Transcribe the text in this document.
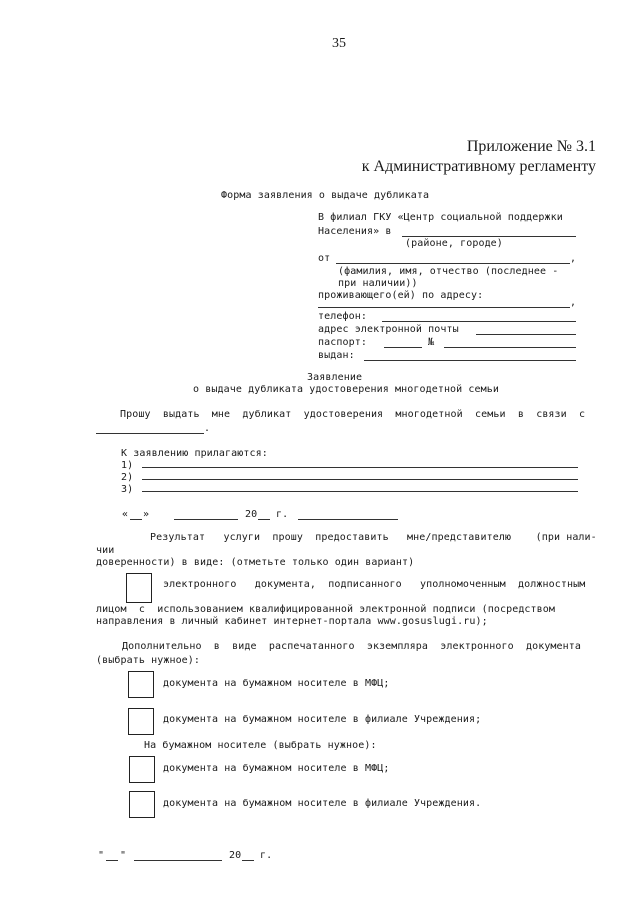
35
Приложение № 3.1
к Административному регламенту
Форма заявления о выдаче дубликата
В филиал ГКУ «Центр социальной поддержки
Населения» в
(районе, городе)
от	,
(фамилия, имя, отчество (последнее -
при наличии))
проживающего(ей) по адресу:
,
телефон:
адрес электронной почты
паспорт:	№
выдан:
Заявление
о выдаче дубликата удостоверения многодетной семьи
Прошу  выдать  мне  дубликат  удостоверения  многодетной  семьи  в  связи  с
.
К заявлению прилагаются:
1)
2)
3)
« »	20 г.
Результат   услуги  прошу  предоставить   мне/представителю    (при нали-
чии
доверенности) в виде: (отметьте только один вариант)
электронного   документа,  подписанного   уполномоченным  должностным
лицом  с  использованием квалифицированной электронной подписи (посредством
направления в личный кабинет интернет-портала www.gosuslugi.ru);
Дополнительно  в  виде  распечатанного  экземпляра  электронного  документа
(выбрать нужное):
документа на бумажном носителе в МФЦ;
документа на бумажном носителе в филиале Учреждения;
На бумажном носителе (выбрать нужное):
документа на бумажном носителе в МФЦ;
документа на бумажном носителе в филиале Учреждения.
" "	20 г.
